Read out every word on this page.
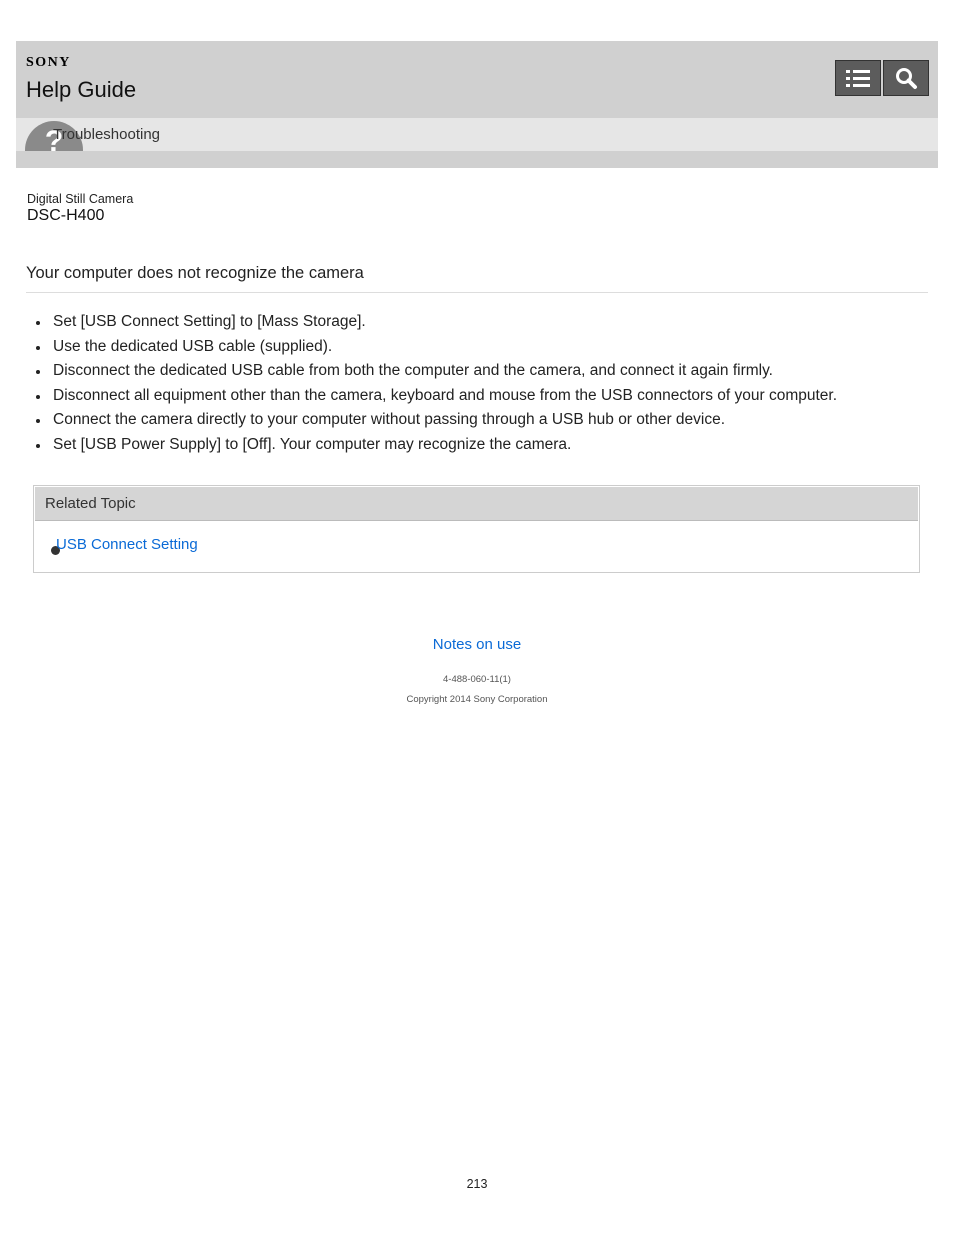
SONY
Help Guide
?
Troubleshooting
Digital Still Camera
DSC-H400
Your computer does not recognize the camera
Set [USB Connect Setting] to [Mass Storage].
Use the dedicated USB cable (supplied).
Disconnect the dedicated USB cable from both the computer and the camera, and connect it again firmly.
Disconnect all equipment other than the camera, keyboard and mouse from the USB connectors of your computer.
Connect the camera directly to your computer without passing through a USB hub or other device.
Set [USB Power Supply] to [Off]. Your computer may recognize the camera.
Related Topic
USB Connect Setting
Notes on use
4-488-060-11(1)
Copyright 2014 Sony Corporation
213
